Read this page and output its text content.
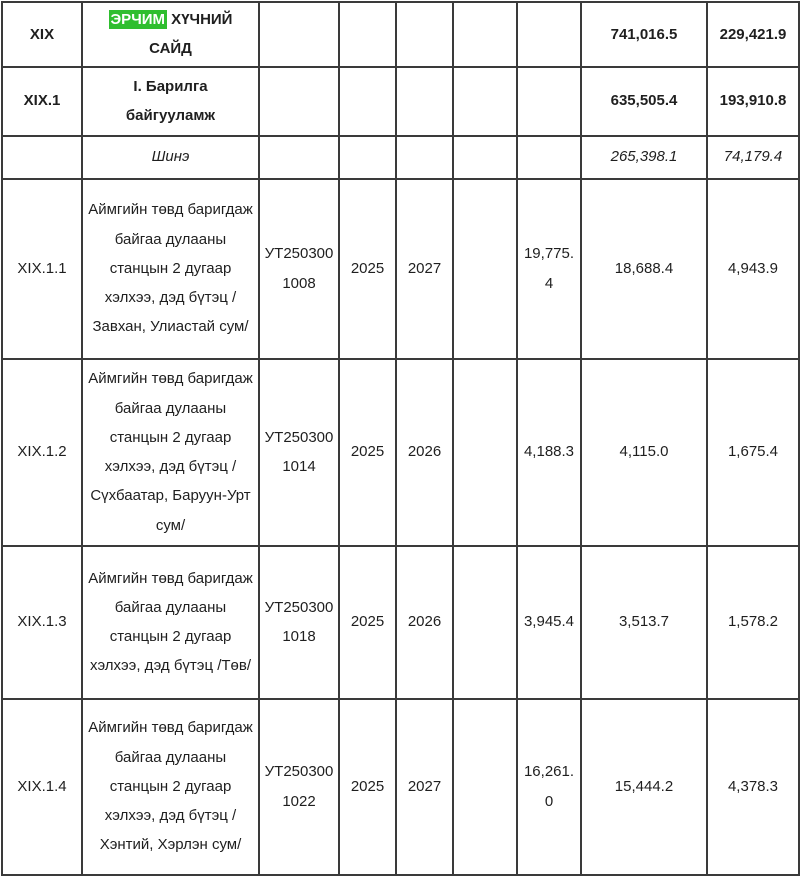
XIX	ЭРЧИМ ХҮЧНИЙ САЙД						741,016.5	229,421.9
XIX.1	I. Барилга байгууламж						635,505.4	193,910.8
	Шинэ						265,398.1	74,179.4
XIX.1.1	Аймгийн төвд баригдаж байгаа дулааны станцын 2 дугаар хэлхээ, дэд бүтэц /Завхан, Улиастай сум/	УТ2503001008	2025	2027		19,775.4	18,688.4	4,943.9
XIX.1.2	Аймгийн төвд баригдаж байгаа дулааны станцын 2 дугаар хэлхээ, дэд бүтэц /Сүхбаатар, Баруун-Урт сум/	УТ2503001014	2025	2026		4,188.3	4,115.0	1,675.4
XIX.1.3	Аймгийн төвд баригдаж байгаа дулааны станцын 2 дугаар хэлхээ, дэд бүтэц /Төв/	УТ2503001018	2025	2026		3,945.4	3,513.7	1,578.2
XIX.1.4	Аймгийн төвд баригдаж байгаа дулааны станцын 2 дугаар хэлхээ, дэд бүтэц /Хэнтий, Хэрлэн сум/	УТ2503001022	2025	2027		16,261.0	15,444.2	4,378.3
